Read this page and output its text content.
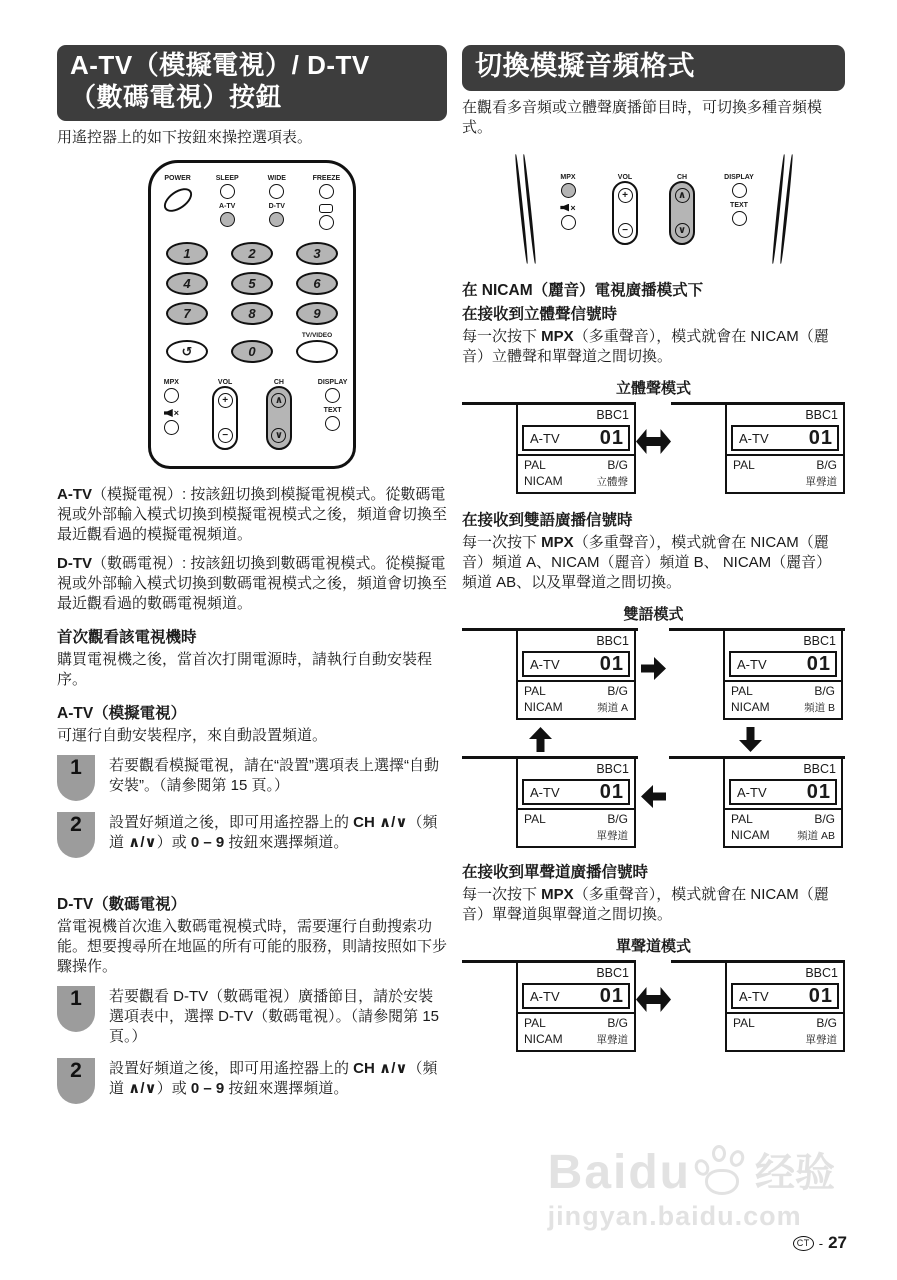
A-TV（模擬電視）/ D-TV
（數碼電視）按鈕

用遙控器上的如下按鈕來操控選項表。

POWER	SLEEP
A-TV
WIDE
D-TV
FREEZE
1	2	3
4	5	6
7	8	9
↺	0
TV/VIDEO
MPX
×
VOL
+
−
CH
∧
∨
DISPLAY
TEXT

A-TV（模擬電視）: 按該鈕切換到模擬電視模式。從數碼電視或外部輸入模式切換到模擬電視模式之後，頻道會切換至最近觀看過的模擬電視頻道。

D-TV（數碼電視）: 按該鈕切換到數碼電視模式。從模擬電視或外部輸入模式切換到數碼電視模式之後，頻道會切換至最近觀看過的數碼電視頻道。

首次觀看該電視機時

購買電視機之後，當首次打開電源時，請執行自動安裝程序。

A-TV（模擬電視）

可運行自動安裝程序，來自動設置頻道。

1	若要觀看模擬電視，請在“設置”選項表上選擇“自動安裝”。（請參閱第 15 頁。）
2	設置好頻道之後，即可用遙控器上的 CH ∧/∨（頻道 ∧/∨）或 0 – 9 按鈕來選擇頻道。
D-TV（數碼電視）

當電視機首次進入數碼電視模式時，需要運行自動搜索功能。想要搜尋所在地區的所有可能的服務，則請按照如下步驟操作。

1	若要觀看 D-TV（數碼電視）廣播節目，請於安裝選項表中，選擇 D-TV（數碼電視）。（請參閱第 15 頁。）
2	設置好頻道之後，即可用遙控器上的 CH ∧/∨（頻道 ∧/∨）或 0 – 9 按鈕來選擇頻道。
切換模擬音頻格式

在觀看多音頻或立體聲廣播節目時，可切換多種音頻模式。

MPX
×
VOL
+
−
CH
∧
∨
DISPLAY
TEXT
在 NICAM（麗音）電視廣播模式下
在接收到立體聲信號時

每一次按下 MPX（多重聲音），模式就會在 NICAM（麗音）立體聲和單聲道之間切換。

立體聲模式
BBC1
A-TV 01
PAL	B/G
NICAM	立體聲
BBC1
A-TV 01
PAL	B/G
單聲道
在接收到雙語廣播信號時

每一次按下 MPX（多重聲音），模式就會在 NICAM（麗音）頻道 A、NICAM（麗音）頻道 B、 NICAM（麗音）頻道 AB、以及單聲道之間切換。

雙語模式
BBC1
A-TV 01
PAL	B/G
NICAM	頻道 A
BBC1
A-TV 01
PAL	B/G
NICAM	頻道 B
BBC1
A-TV 01
PAL	B/G
單聲道
BBC1
A-TV 01
PAL	B/G
NICAM	頻道 AB
在接收到單聲道廣播信號時

每一次按下 MPX（多重聲音），模式就會在 NICAM（麗音）單聲道與單聲道之間切換。

單聲道模式
BBC1
A-TV 01
PAL	B/G
NICAM	單聲道
BBC1
A-TV 01
PAL	B/G
單聲道
Baidu 经验
jingyan.baidu.com
CT - 27
